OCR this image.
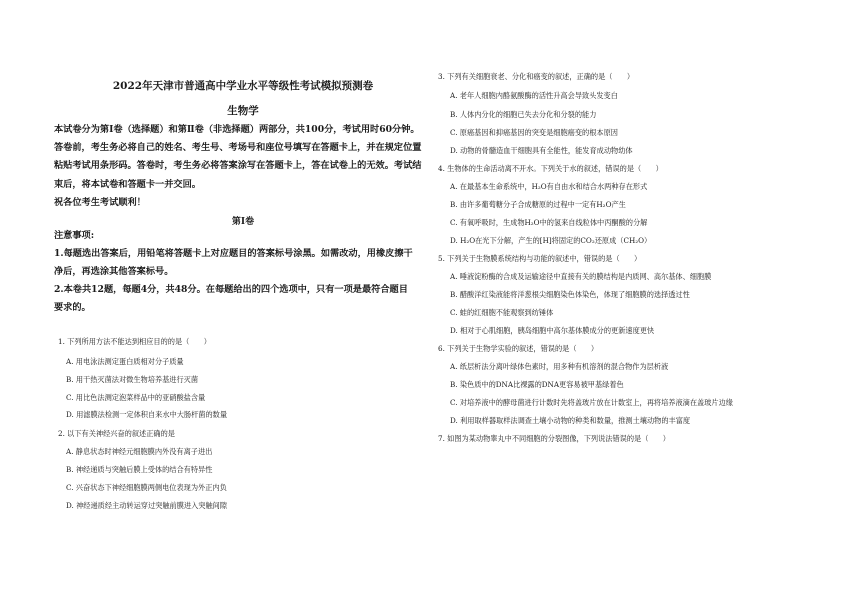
2022年天津市普通高中学业水平等级性考试模拟预测卷
生物学
本试卷分为第Ⅰ卷（选择题）和第Ⅱ卷（非选择题）两部分，共100分，考试用时60分钟。
答卷前，考生务必将自己的姓名、考生号、考场号和座位号填写在答题卡上，并在规定位置
粘贴考试用条形码。答卷时，考生务必将答案涂写在答题卡上，答在试卷上的无效。考试结
束后，将本试卷和答题卡一并交回。
祝各位考生考试顺利！
第Ⅰ卷
注意事项:
1.每题选出答案后，用铅笔将答题卡上对应题目的答案标号涂黑。如需改动，用橡皮擦干
净后，再选涂其他答案标号。
2.本卷共12题，每题4分，共48分。在每题给出的四个选项中，只有一项是最符合题目
要求的。
1. 下列所用方法不能达到相应目的的是（　　）
A. 用电泳法测定蛋白质相对分子质量
B. 用干热灭菌法对微生物培养基进行灭菌
C. 用比色法测定泡菜样品中的亚硝酸盐含量
D. 用滤膜法检测一定体积自来水中大肠杆菌的数量
2. 以下有关神经兴奋的叙述正确的是
A. 静息状态时神经元细胞膜内外没有离子进出
B. 神经递质与突触后膜上受体的结合有特异性
C. 兴奋状态下神经细胞膜两侧电位表现为外正内负
D. 神经递质经主动转运穿过突触前膜进入突触间隙
3. 下列有关细胞衰老、分化和癌变的叙述，正确的是（　　）
A. 老年人细胞内酪氨酸酶的活性升高会导致头发变白
B. 人体内分化的细胞已失去分化和分裂的能力
C. 原癌基因和抑癌基因的突变是细胞癌变的根本原因
D. 动物的骨髓造血干细胞具有全能性，能发育成动物幼体
4. 生物体的生命活动离不开水。下列关于水的叙述，错误的是（　　）
A. 在最基本生命系统中，H₂O有自由水和结合水两种存在形式
B. 由许多葡萄糖分子合成糖原的过程中一定有H₂O产生
C. 有氧呼吸时，生成物H₂O中的氢来自线粒体中丙酮酸的分解
D. H₂O在光下分解，产生的[H]将固定的CO₂还原成（CH₂O）
5. 下列关于生物膜系统结构与功能的叙述中，错误的是（　　）
A. 唾液淀粉酶的合成及运输途径中直接有关的膜结构是内质网、高尔基体、细胞膜
B. 醋酸洋红染液能将洋葱根尖细胞染色体染色，体现了细胞膜的选择透过性
C. 蛙的红细胞不能观察到纺锤体
D. 相对于心肌细胞，胰岛细胞中高尔基体膜成分的更新速度更快
6. 下列关于生物学实验的叙述，错误的是（　　）
A. 纸层析法分离叶绿体色素时，用多种有机溶剂的混合物作为层析液
B. 染色质中的DNA比裸露的DNA更容易被甲基绿着色
C. 对培养液中的酵母菌进行计数时先将盖玻片放在计数室上，再将培养液滴在盖玻片边缘
D. 利用取样器取样法调查土壤小动物的种类和数量，推测土壤动物的丰富度
7. 如图为某动物睾丸中不同细胞的分裂图像，下列说法错误的是（　　）
